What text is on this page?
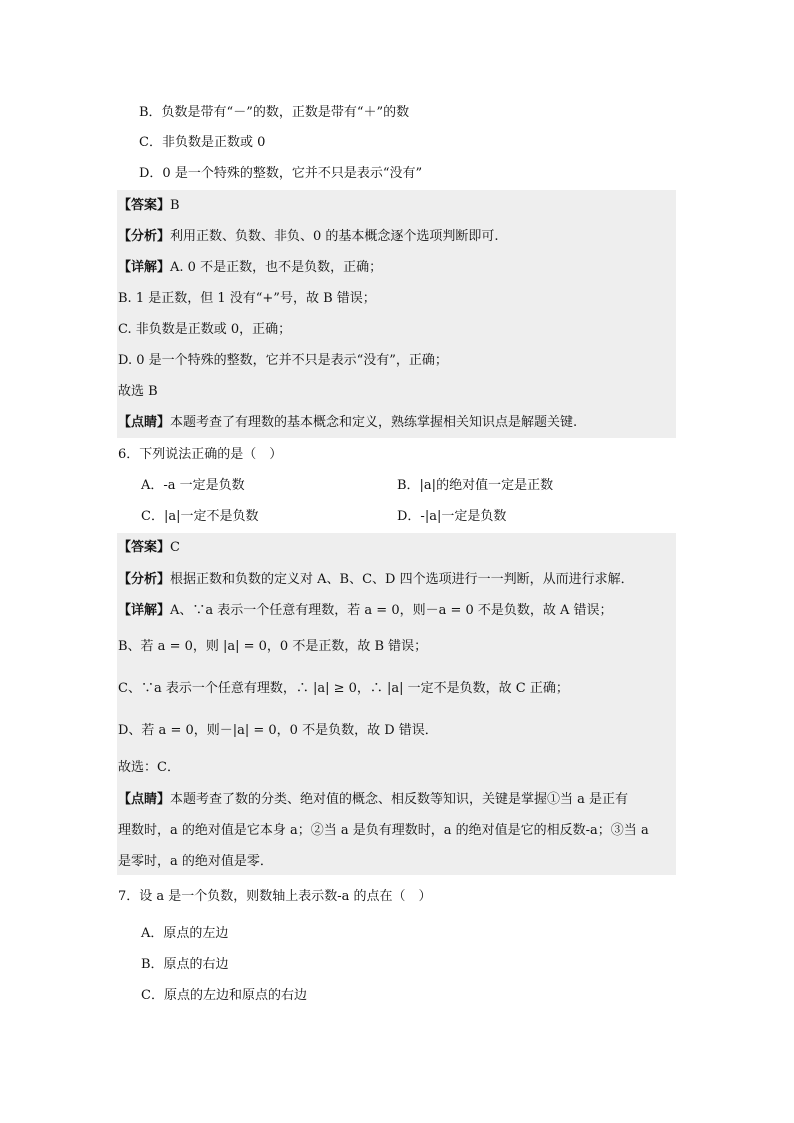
B．负数是带有“－”的数，正数是带有“＋”的数
C．非负数是正数或 0
D．0 是一个特殊的整数，它并不只是表示“没有”
【答案】B
【分析】利用正数、负数、非负、0 的基本概念逐个选项判断即可.
【详解】A. 0 不是正数，也不是负数，正确；
B. 1 是正数，但 1 没有“+”号，故 B 错误；
C. 非负数是正数或 0，正确；
D. 0 是一个特殊的整数，它并不只是表示“没有”，正确；
故选 B
【点睛】本题考查了有理数的基本概念和定义，熟练掌握相关知识点是解题关键.
6．下列说法正确的是（　）
A．-a 一定是负数	B．|a|的绝对值一定是正数
C．|a|一定不是负数	D．-|a|一定是负数
【答案】C
【分析】根据正数和负数的定义对 A、B、C、D 四个选项进行一一判断，从而进行求解．
【详解】A、∵a 表示一个任意有理数，若 a = 0，则－a = 0 不是负数，故 A 错误；
B、若 a = 0，则 |a| = 0，0 不是正数，故 B 错误；
C、∵a 表示一个任意有理数，∴ |a| ≥ 0，∴ |a| 一定不是负数，故 C 正确；
D、若 a = 0，则－|a| = 0，0 不是负数，故 D 错误．
故选：C．
【点睛】本题考查了数的分类、绝对值的概念、相反数等知识，关键是掌握①当 a 是正有
理数时，a 的绝对值是它本身 a；②当 a 是负有理数时，a 的绝对值是它的相反数-a；③当 a
是零时，a 的绝对值是零．
7．设 a 是一个负数，则数轴上表示数-a 的点在（　）
A．原点的左边
B．原点的右边
C．原点的左边和原点的右边
